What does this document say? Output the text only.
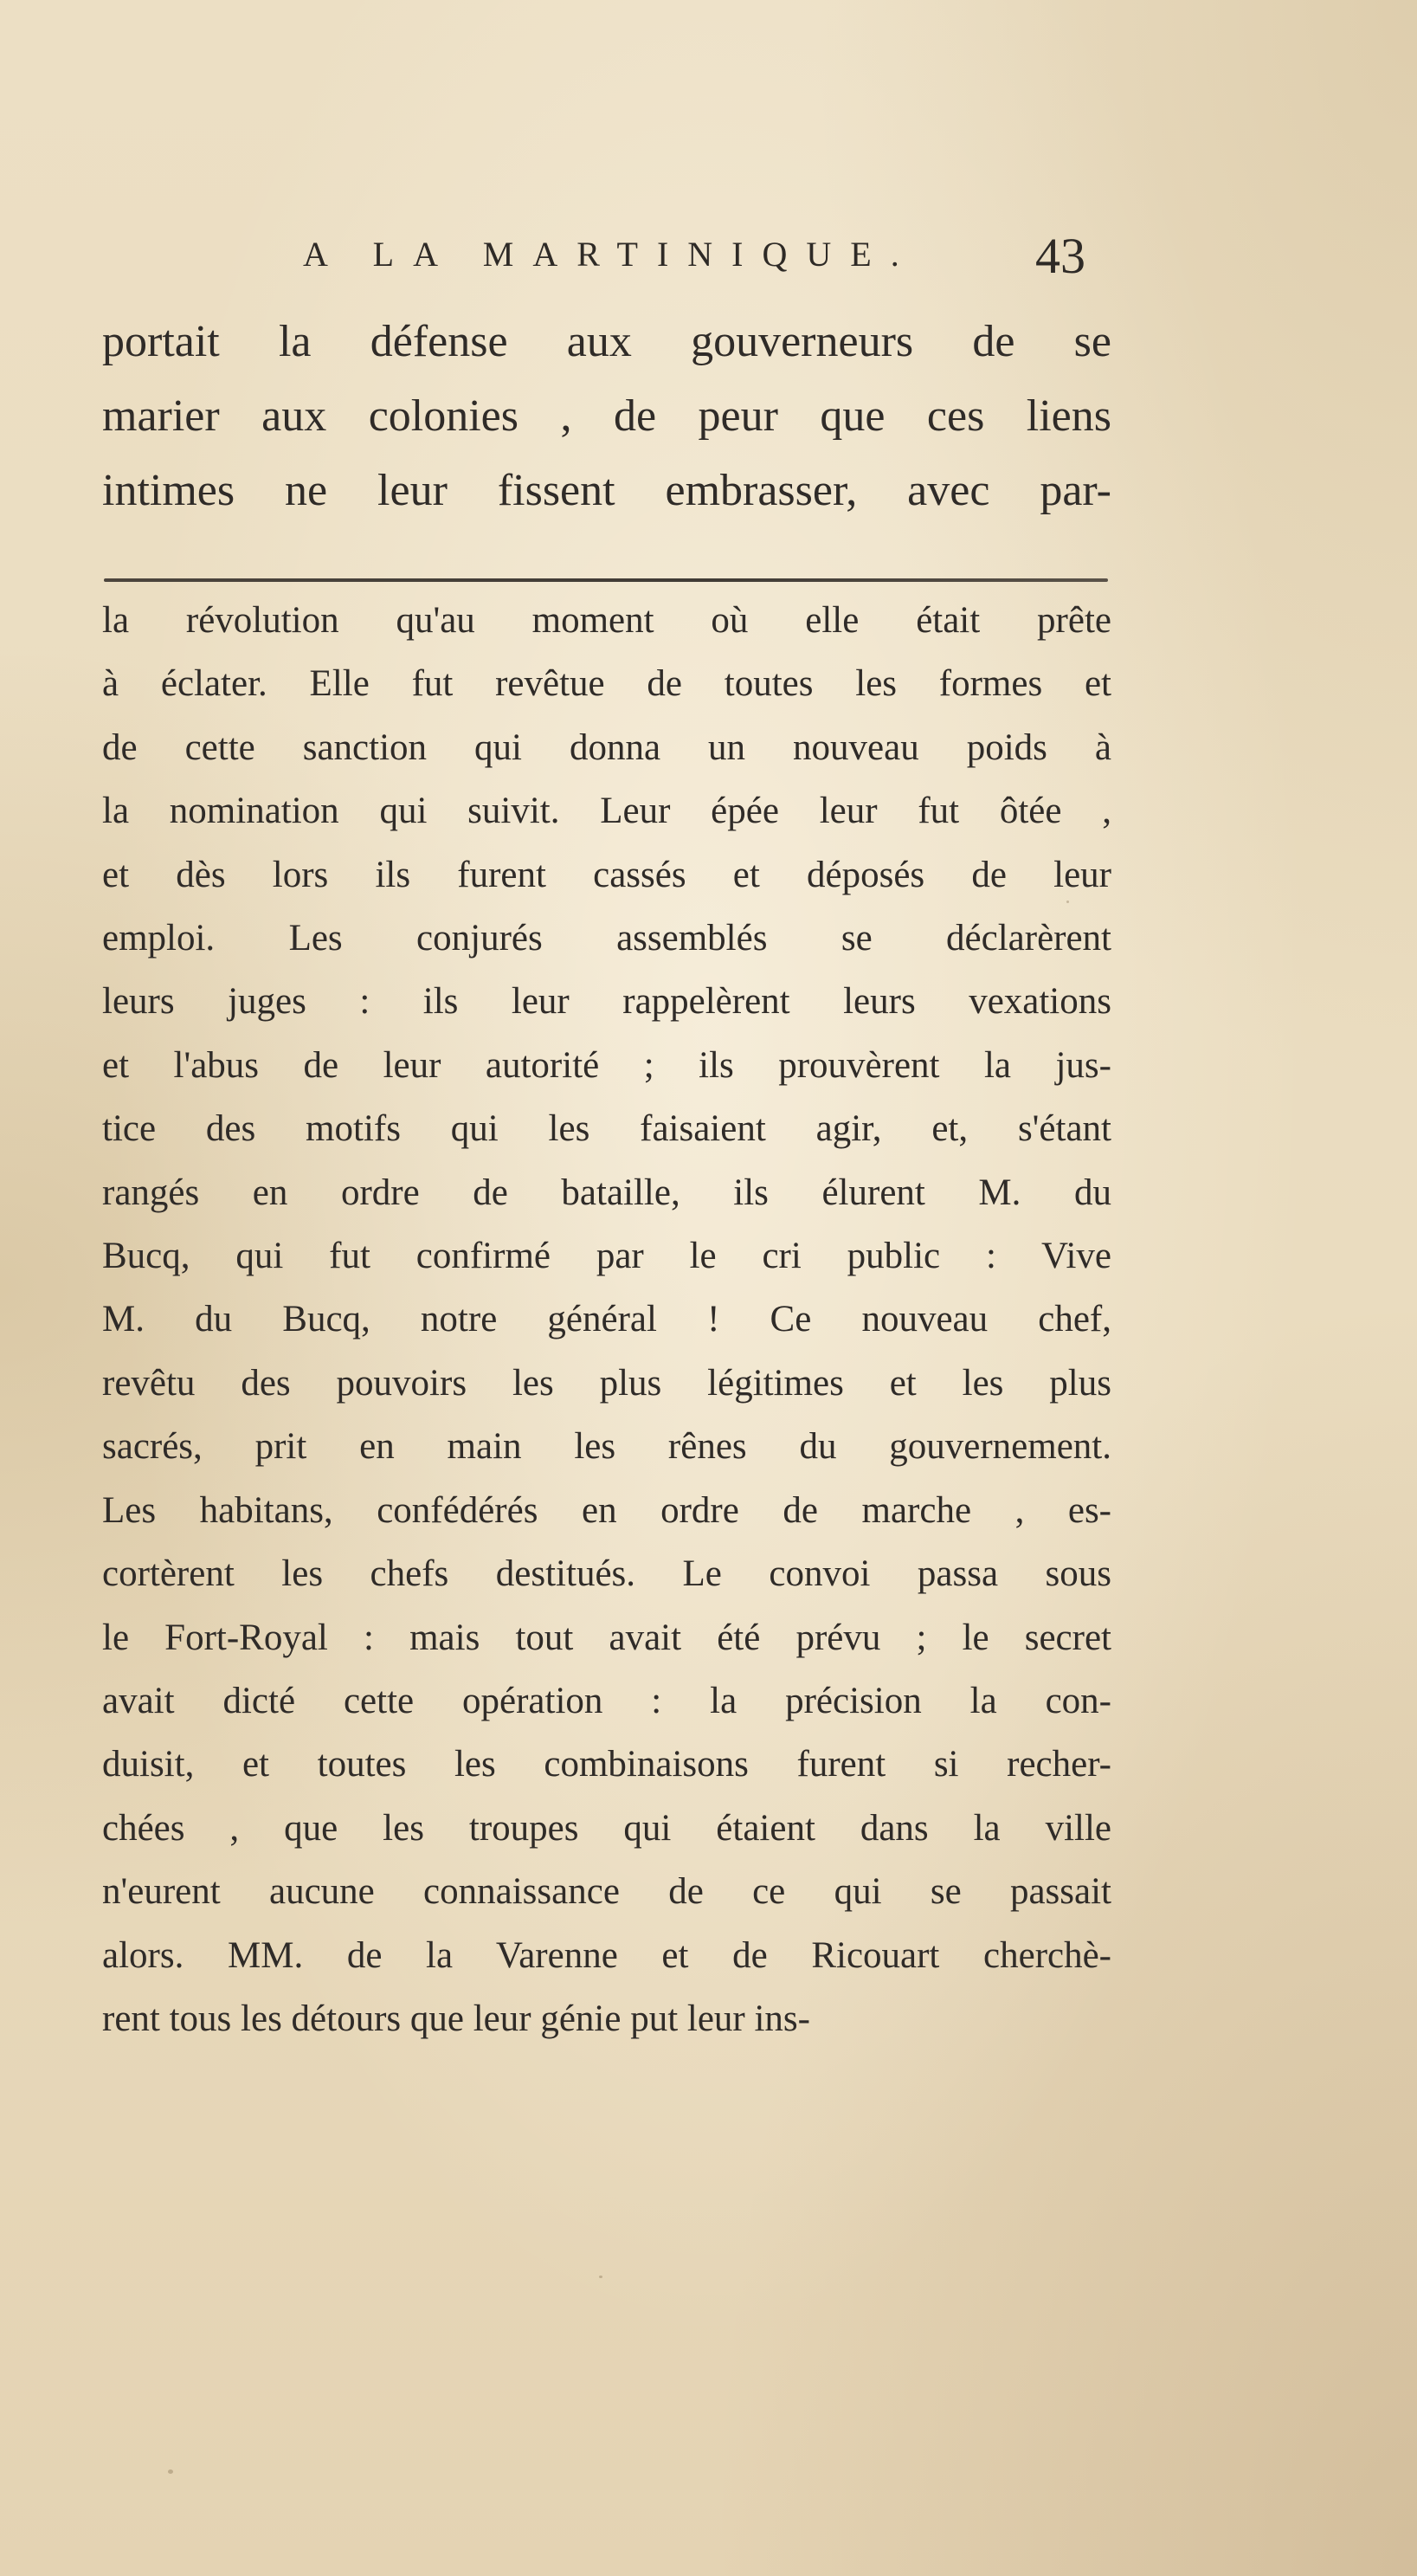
A LA MARTINIQUE. 43
portait la défense aux gouverneurs de se
marier aux colonies , de peur que ces liens
intimes ne leur fissent embrasser, avec par-
la révolution qu'au moment où elle était prête
à éclater. Elle fut revêtue de toutes les formes et
de cette sanction qui donna un nouveau poids à
la nomination qui suivit. Leur épée leur fut ôtée ,
et dès lors ils furent cassés et déposés de leur
emploi. Les conjurés assemblés se déclarèrent
leurs juges : ils leur rappelèrent leurs vexations
et l'abus de leur autorité ; ils prouvèrent la jus-
tice des motifs qui les faisaient agir, et, s'étant
rangés en ordre de bataille, ils élurent M. du
Bucq, qui fut confirmé par le cri public : Vive
M. du Bucq, notre général ! Ce nouveau chef,
revêtu des pouvoirs les plus légitimes et les plus
sacrés, prit en main les rênes du gouvernement.
Les habitans, confédérés en ordre de marche , es-
cortèrent les chefs destitués. Le convoi passa sous
le Fort-Royal : mais tout avait été prévu ; le secret
avait dicté cette opération : la précision la con-
duisit, et toutes les combinaisons furent si recher-
chées , que les troupes qui étaient dans la ville
n'eurent aucune connaissance de ce qui se passait
alors. MM. de la Varenne et de Ricouart cherchè-
rent tous les détours que leur génie put leur ins-
